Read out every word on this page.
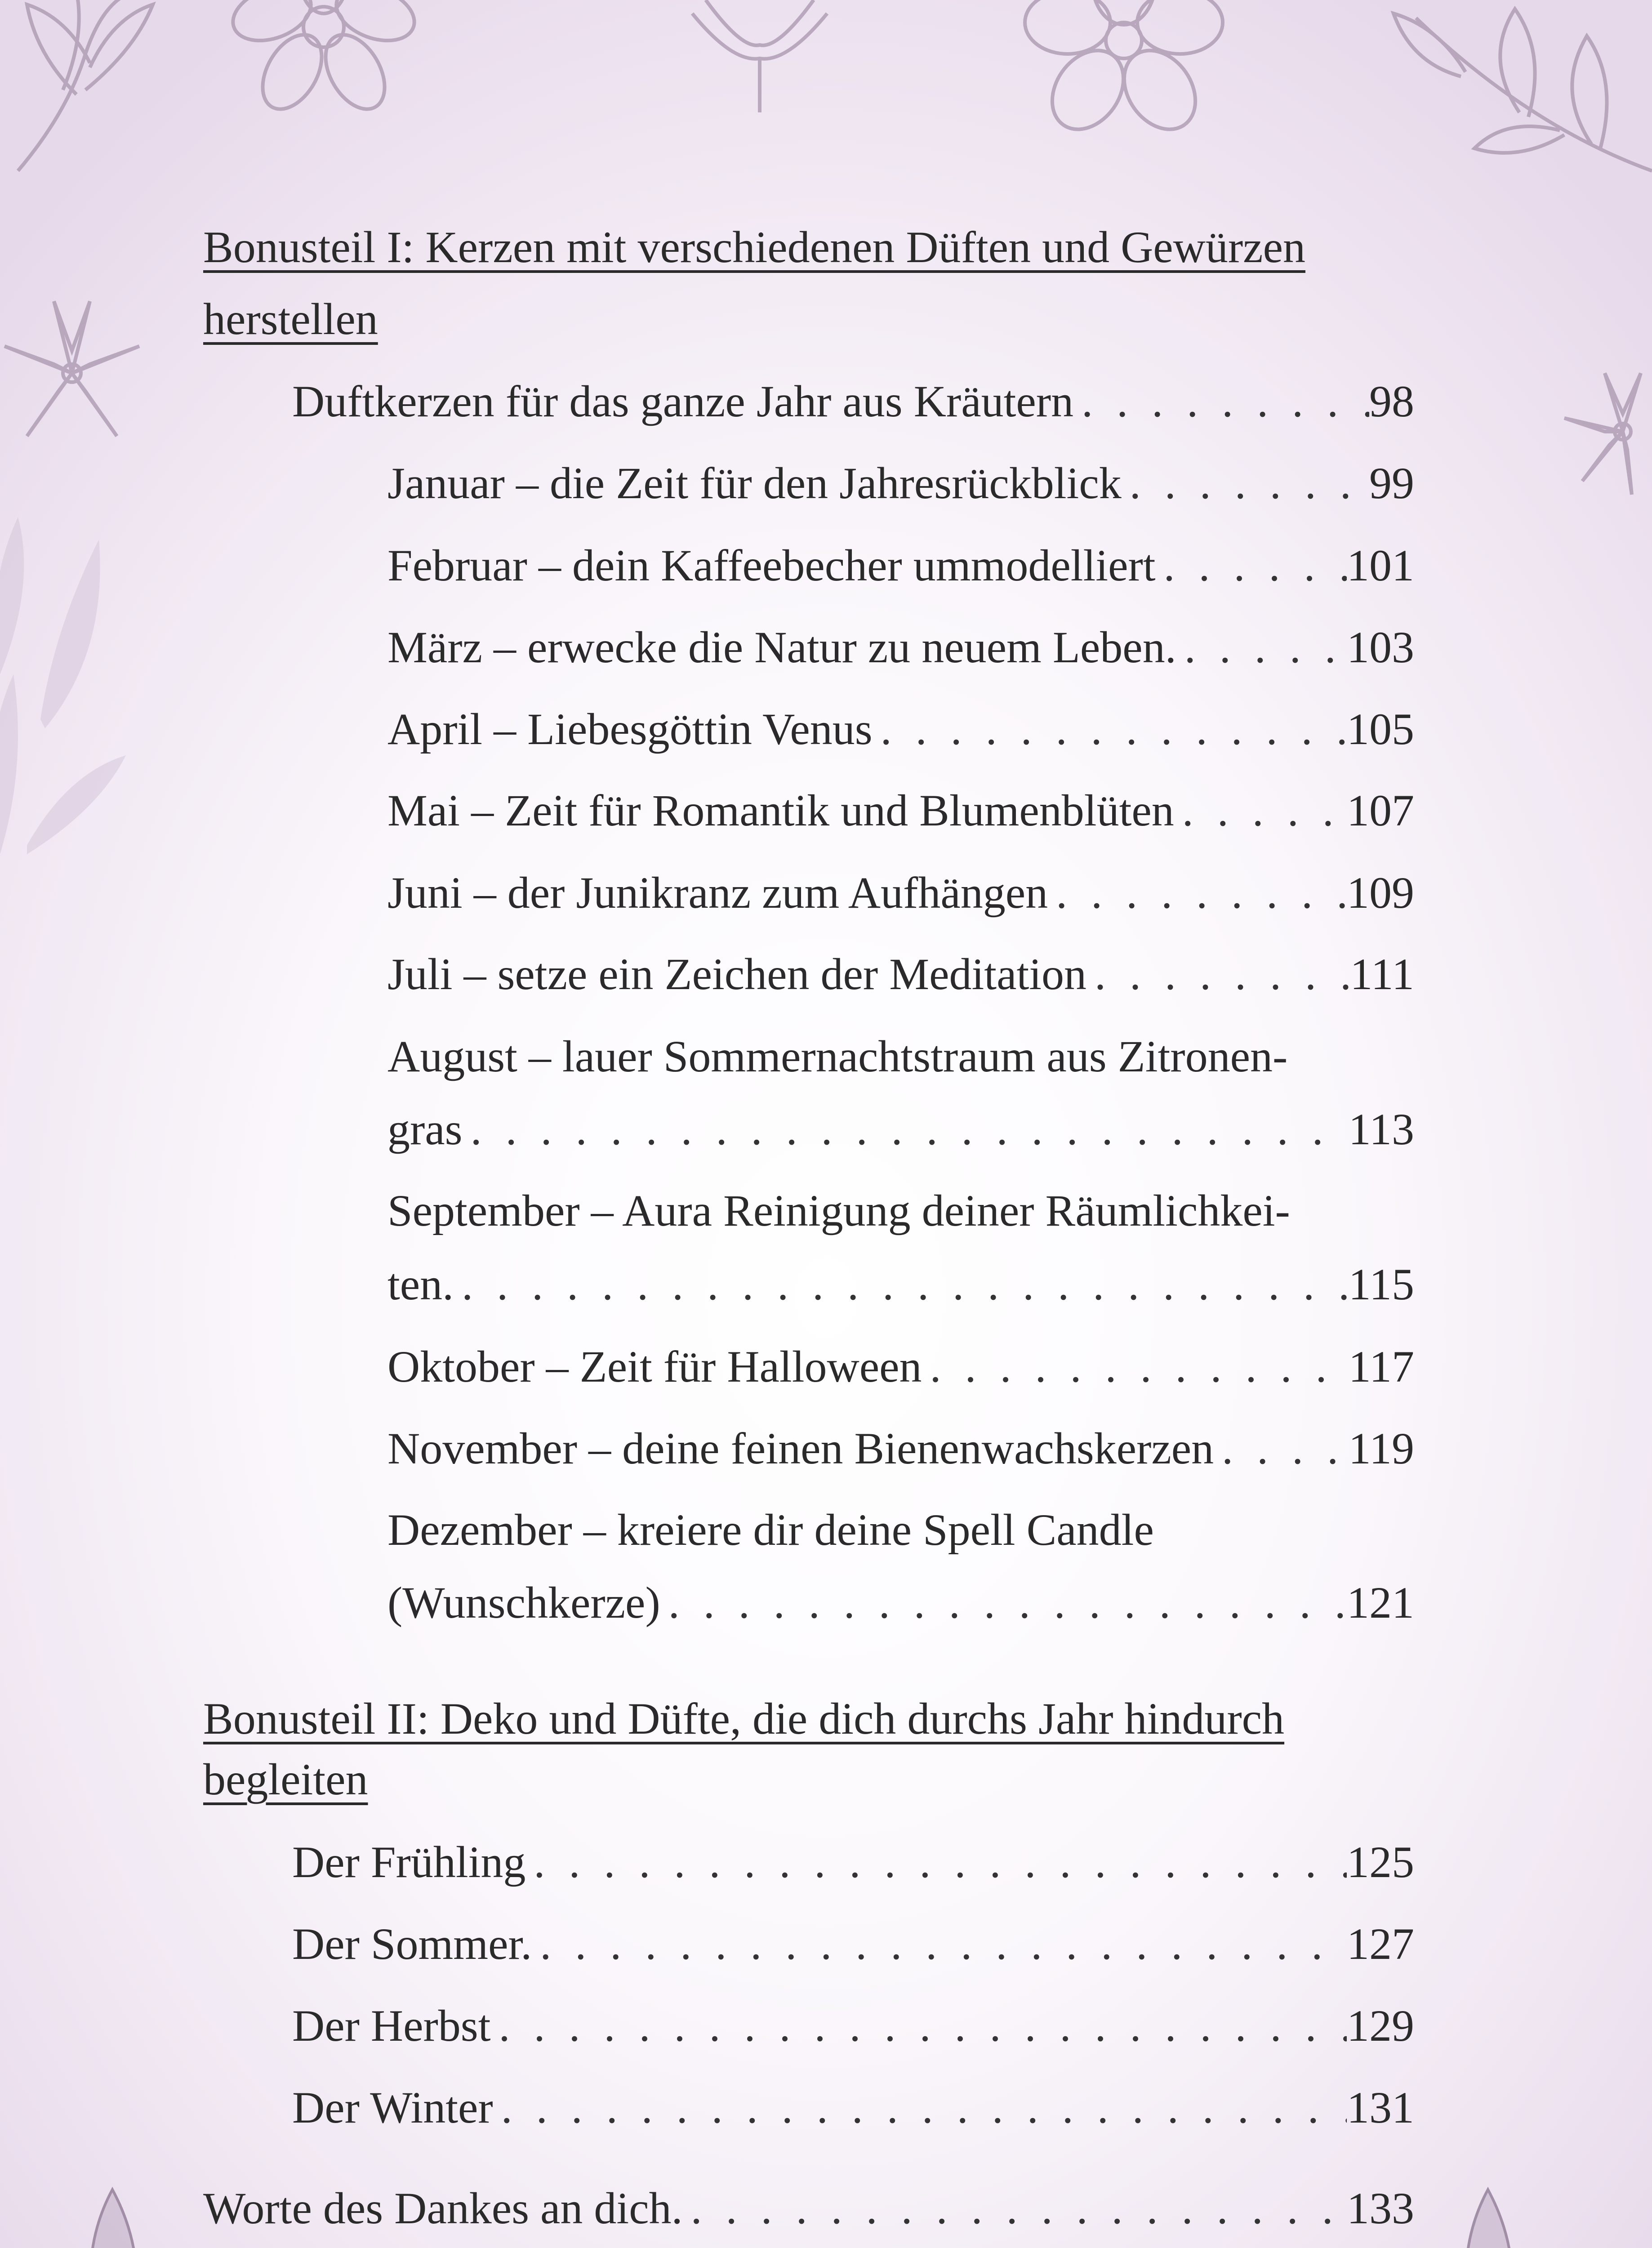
Bonusteil I: Kerzen mit verschiedenen Düften und Gewürzen
herstellen
Duftkerzen für das ganze Jahr aus Kräutern . . .	98
Januar – die Zeit für den Jahresrückblick . . .	99
Februar – dein Kaffeebecher ummodelliert . . .	101
März – erwecke die Natur zu neuem Leben. . . .	103
April – Liebesgöttin Venus . . .	105
Mai – Zeit für Romantik und Blumenblüten . . .	107
Juni – der Junikranz zum Aufhängen . . .	109
Juli – setze ein Zeichen der Meditation . . .	111
August – lauer Sommernachtstraum aus Zitronen-
gras . . .	113
September – Aura Reinigung deiner Räumlichkei-
ten. . . .	115
Oktober – Zeit für Halloween . . .	117
November – deine feinen Bienenwachskerzen . . .	119
Dezember – kreiere dir deine Spell Candle
(Wunschkerze) . . .	121
Bonusteil II: Deko und Düfte, die dich durchs Jahr hindurch
begleiten
Der Frühling . . .	125
Der Sommer. . . .	127
Der Herbst . . .	129
Der Winter . . .	131
Worte des Dankes an dich. . . .	133
